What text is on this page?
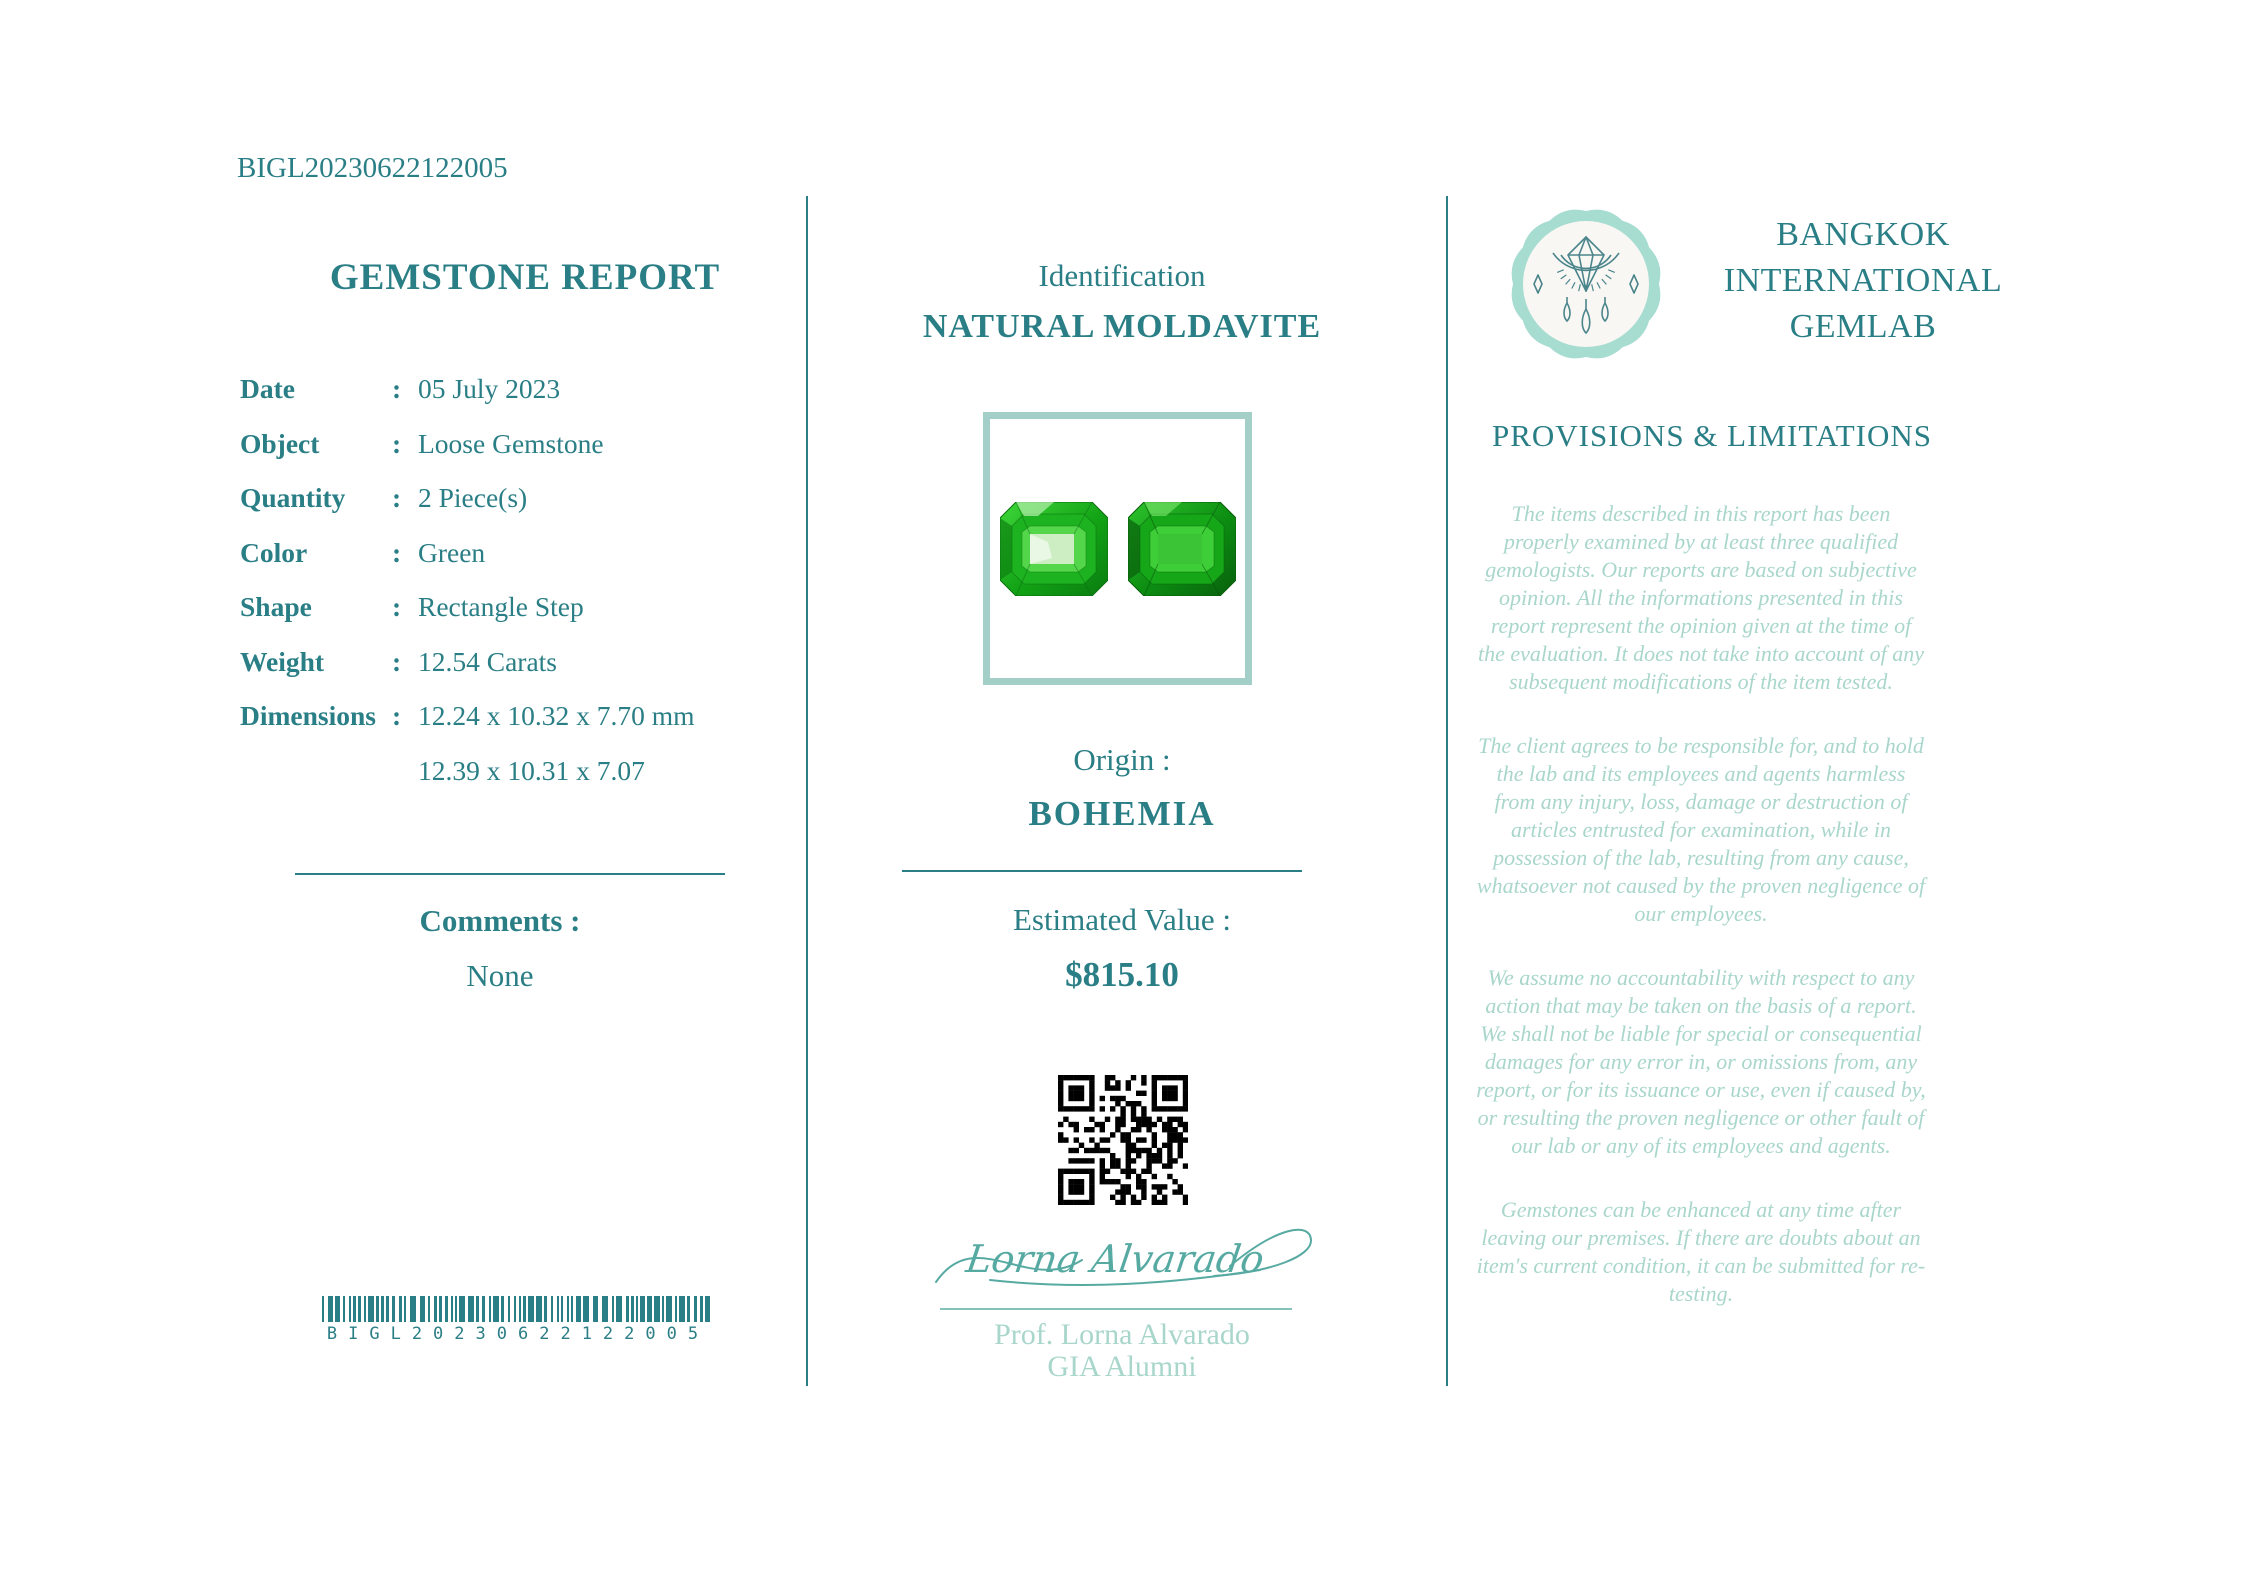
BIGL20230622122005
GEMSTONE REPORT
Date	: 05 July 2023
Object	: Loose Gemstone
Quantity	: 2 Piece(s)
Color	: Green
Shape	: Rectangle Step
Weight	: 12.54 Carats
Dimensions : 12.24 x 10.32 x 7.70 mm
12.39 x 10.31 x 7.07
Comments :
None
BIGL20230622122005
Identification
NATURAL MOLDAVITE
Origin :
BOHEMIA
Estimated Value :
$815.10
Lorna Alvarado
Prof. Lorna Alvarado
GIA Alumni
BANGKOK
INTERNATIONAL
GEMLAB
PROVISIONS & LIMITATIONS

The items described in this report has been properly examined by at least three qualified gemologists. Our reports are based on subjective opinion. All the informations presented in this report represent the opinion given at the time of the evaluation. It does not take into account of any subsequent modifications of the item tested.

The client agrees to be responsible for, and to hold the lab and its employees and agents harmless from any injury, loss, damage or destruction of articles entrusted for examination, while in possession of the lab, resulting from any cause, whatsoever not caused by the proven negligence of our employees.

We assume no accountability with respect to any action that may be taken on the basis of a report. We shall not be liable for special or consequential damages for any error in, or omissions from, any report, or for its issuance or use, even if caused by, or resulting the proven negligence or other fault of our lab or any of its employees and agents.

Gemstones can be enhanced at any time after leaving our premises. If there are doubts about an item's current condition, it can be submitted for re-testing.
